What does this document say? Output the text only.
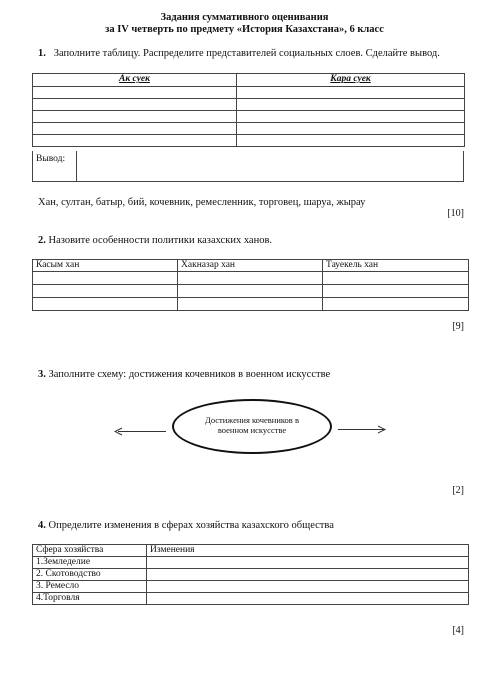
Задания суммативного оценивания
за IV четверть по предмету «История Казахстана», 6 класс
1. Заполните таблицу. Распределите представителей социальных слоев. Сделайте вывод.
Ак суек	Кара суек

Вывод:
Хан, султан, батыр, бий, кочевник, ремесленник, торговец, шаруа, жырау
[10]
2. Назовите особенности политики казахских ханов.
Касым хан	Хакназар хан	Тауекель хан

[9]
3. Заполните схему: достижения кочевников в военном искусстве
Достижения кочевников в военном искусстве
[2]
4. Определите изменения в сферах хозяйства казахского общества
Сфера хозяйства	Изменения
1.Земледелие	
2. Скотоводство	
3. Ремесло	
4.Торговля	
[4]
